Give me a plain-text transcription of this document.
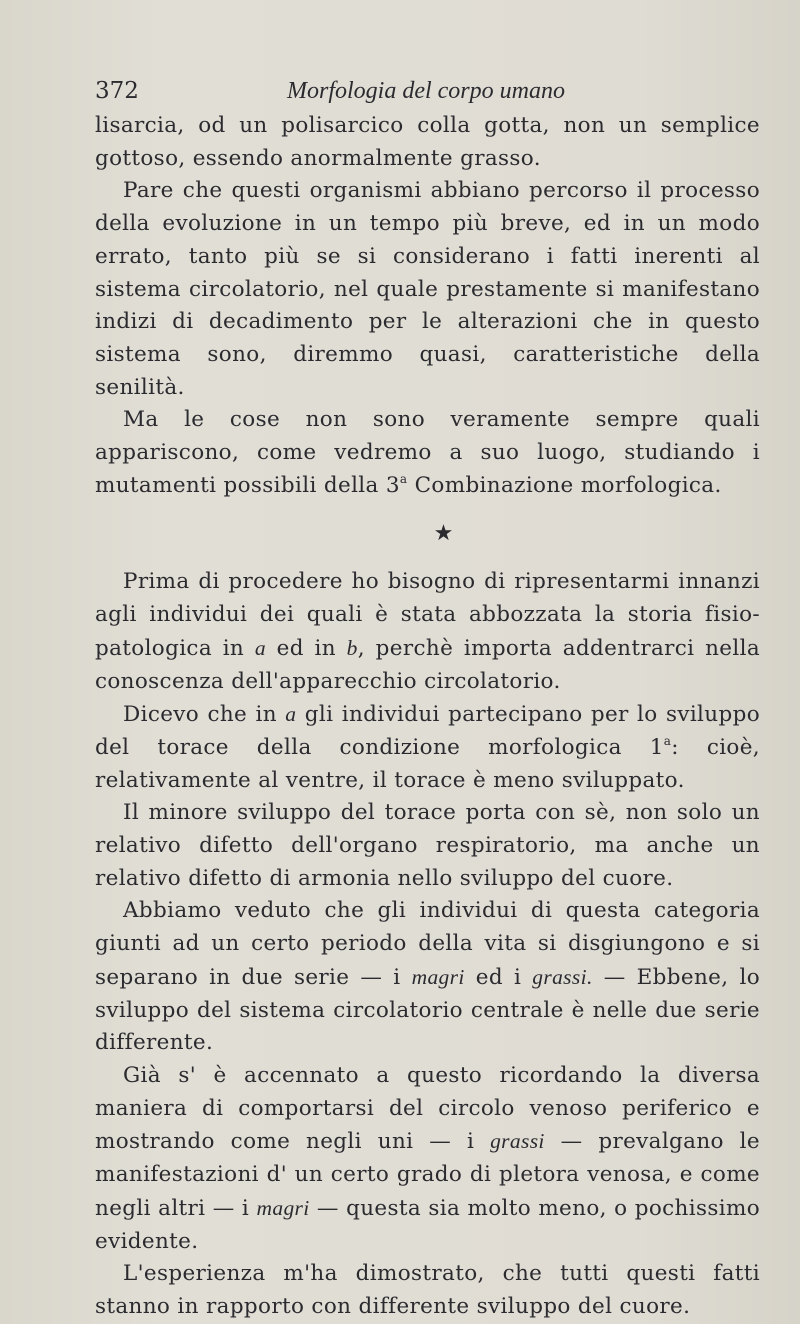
372	Morfologia del corpo umano

lisarcia, od un polisarcico colla gotta, non un semplice gottoso, essendo anormalmente grasso.

Pare che questi organismi abbiano percorso il processo della evoluzione in un tempo più breve, ed in un modo errato, tanto più se si considerano i fatti inerenti al sistema circolatorio, nel quale prestamente si manifestano indizi di decadimento per le alterazioni che in questo sistema sono, diremmo quasi, caratteristiche della senilità.

Ma le cose non sono veramente sempre quali appariscono, come vedremo a suo luogo, studiando i mutamenti possibili della 3$^a$ Combinazione morfologica.

★

Prima di procedere ho bisogno di ripresentarmi innanzi agli individui dei quali è stata abbozzata la storia fisio-patologica in a ed in b, perchè importa addentrarci nella conoscenza dell'apparecchio circolatorio.

Dicevo che in a gli individui partecipano per lo sviluppo del torace della condizione morfologica 1$^a$: cioè, relativamente al ventre, il torace è meno sviluppato.

Il minore sviluppo del torace porta con sè, non solo un relativo difetto dell'organo respiratorio, ma anche un relativo difetto di armonia nello sviluppo del cuore.

Abbiamo veduto che gli individui di questa categoria giunti ad un certo periodo della vita si disgiungono e si separano in due serie — i magri ed i grassi. — Ebbene, lo sviluppo del sistema circolatorio centrale è nelle due serie differente.

Già s' è accennato a questo ricordando la diversa maniera di comportarsi del circolo venoso periferico e mostrando come negli uni — i grassi — prevalgano le manifestazioni d' un certo grado di pletora venosa, e come negli altri — i magri — questa sia molto meno, o pochissimo evidente.

L'esperienza m'ha dimostrato, che tutti questi fatti stanno in rapporto con differente sviluppo del cuore.
